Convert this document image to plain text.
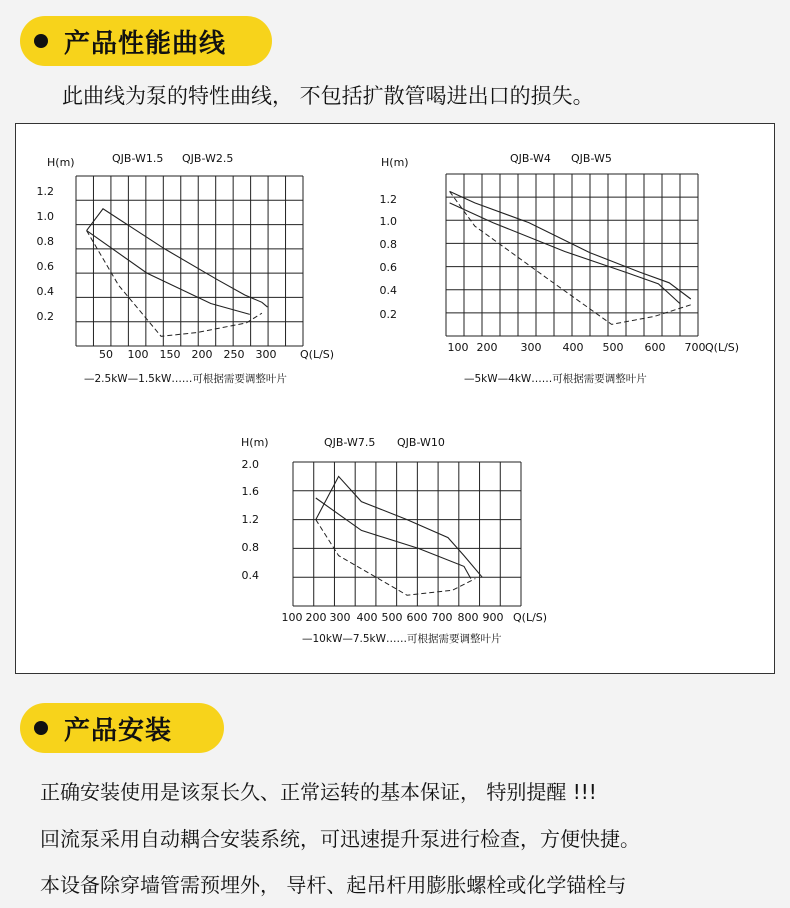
产品性能曲线
此曲线为泵的特性曲线， 不包括扩散管喝进出口的损失。
H(m)	QJB-W1.5 QJB-W2.5
Q(L/S)
1.2
1.0
0.8
0.6
0.4
0.2
50 100 150 200 250 300
—2.5kW—1.5kW……可根据需要调整叶片
H(m)	QJB-W4 QJB-W5
Q(L/S)
1.2
1.0
0.8
0.6
0.4
0.2
100 200 300 400 500 600 700
—5kW—4kW……可根据需要调整叶片
H(m)	QJB-W7.5 QJB-W10
Q(L/S)
2.0
1.6
1.2
0.8
0.4
100 200 300 400 500 600 700 800 900
—10kW—7.5kW……可根据需要调整叶片
产品安装
正确安装使用是该泵长久、正常运转的基本保证， 特别提醒 !!!
回流泵采用自动耦合安装系统，可迅速提升泵进行检查，方便快捷。
本设备除穿墙管需预埋外， 导杆、起吊杆用膨胀螺栓或化学锚栓与
